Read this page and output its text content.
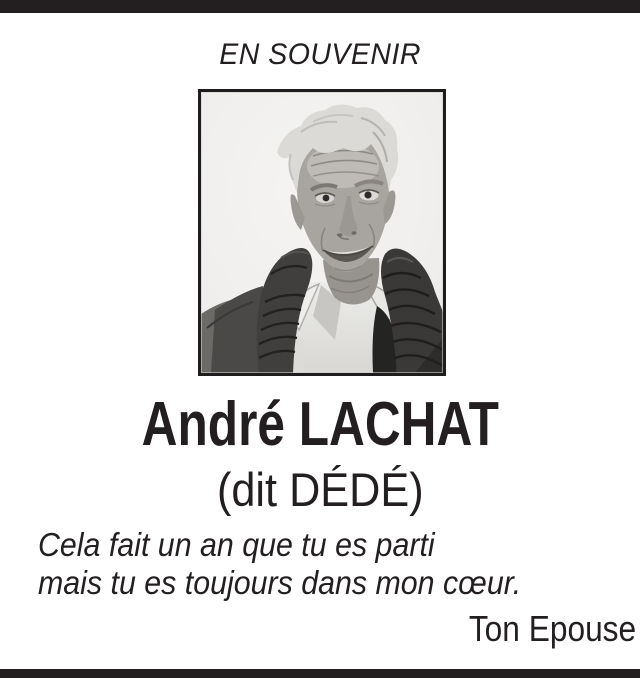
EN SOUVENIR
André LACHAT
(dit DÉDÉ)
Cela fait un an que tu es parti
mais tu es toujours dans mon cœur.
Ton Epouse
